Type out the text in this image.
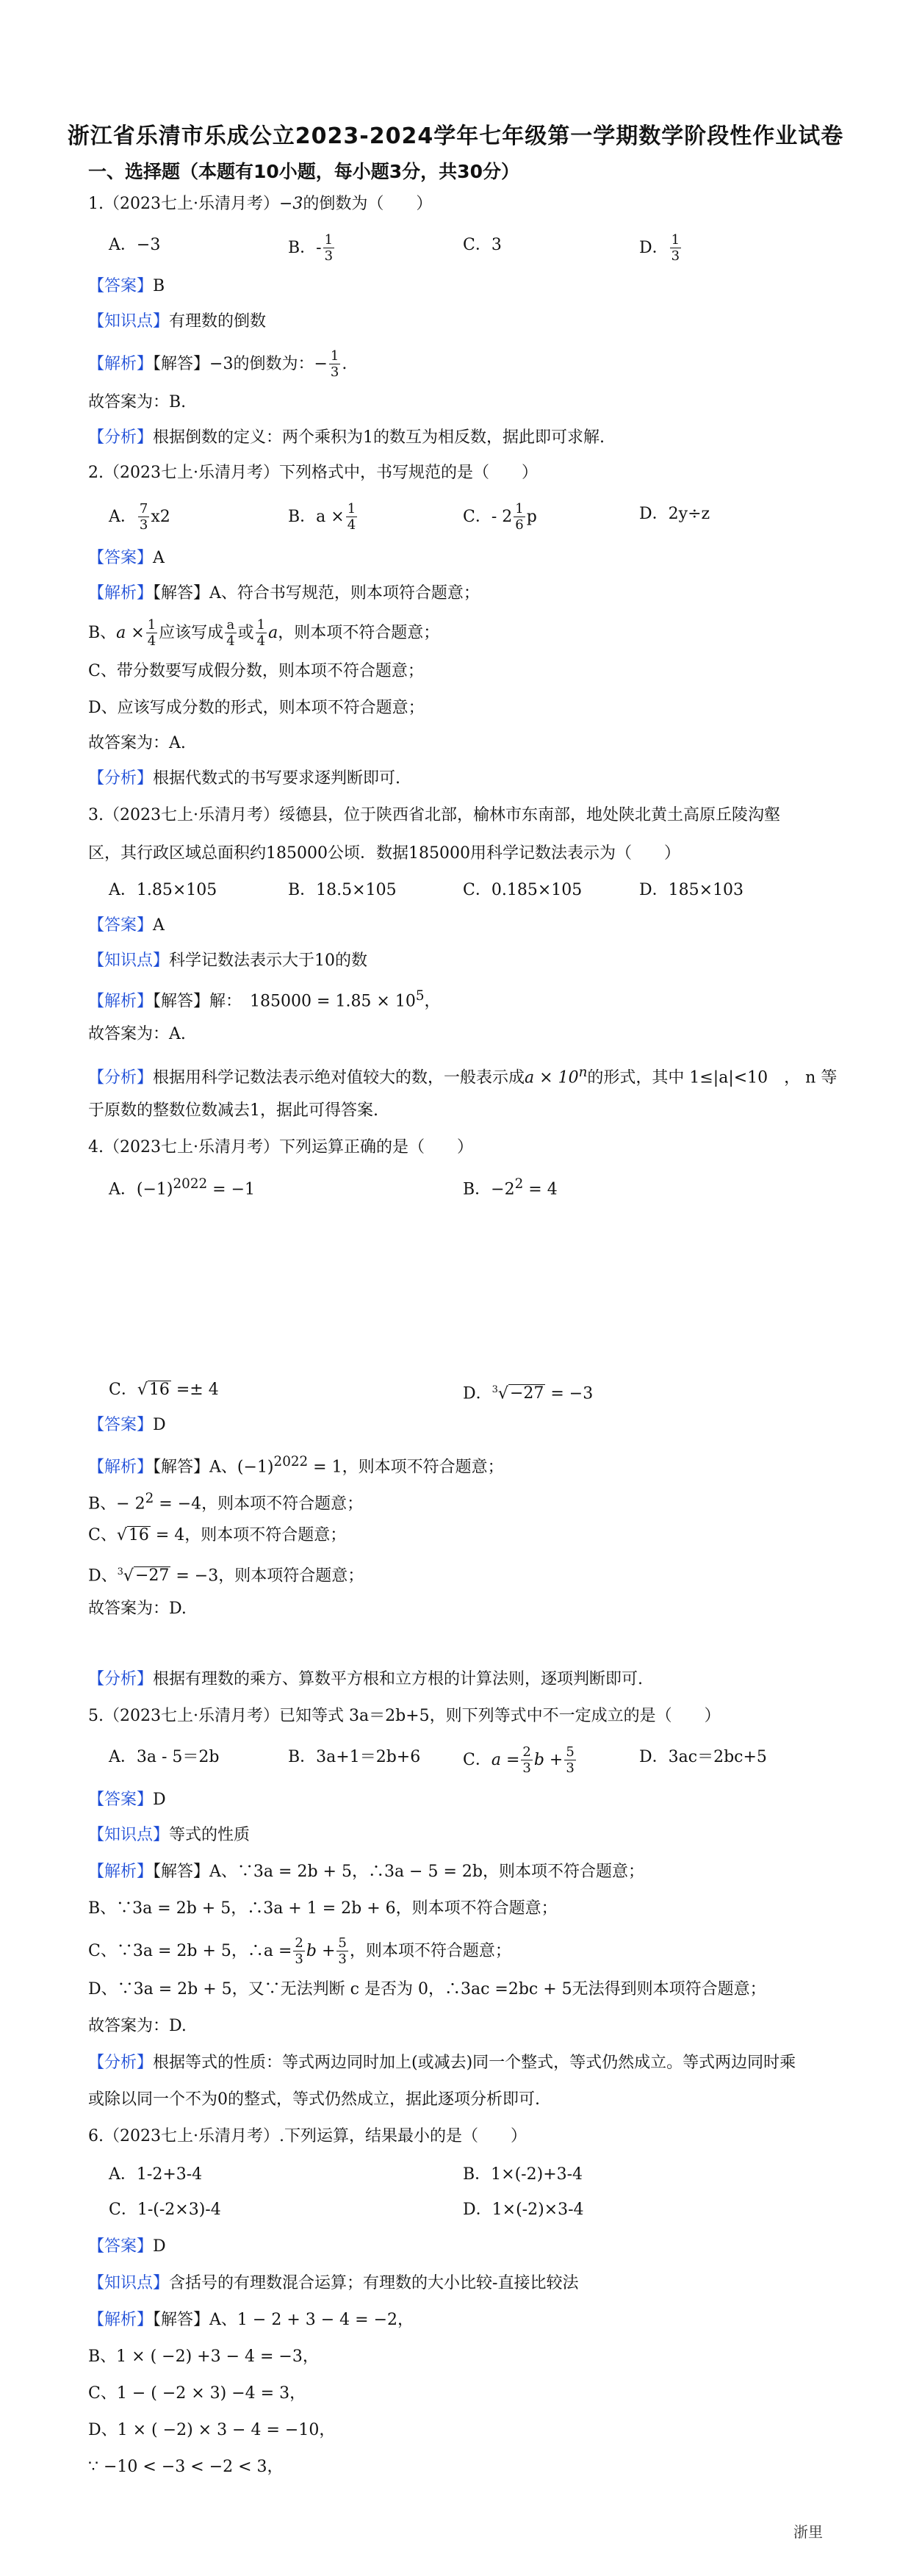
浙江省乐清市乐成公立2023-2024学年七年级第一学期数学阶段性作业试卷
一、选择题（本题有10小题，每小题3分，共30分）
1.（2023七上·乐清月考）−3的倒数为（　　）
A．−3	B．- $\frac{1}{3}$	C．3	D． $\frac{1}{3}$
【答案】B
【知识点】有理数的倒数
【解析】【解答】−3的倒数为：− $\frac{1}{3}$ .
故答案为：B.
【分析】根据倒数的定义：两个乘积为1的数互为相反数，据此即可求解.
2.（2023七上·乐清月考）下列格式中，书写规范的是（　　）
A． $\frac{7}{3} x2$	B．$a \times \frac{1}{4}$	C．- $2 \frac{1}{6}$ p	D．2y÷z
【答案】A
【解析】【解答】A、符合书写规范，则本项符合题意；
B、$a \times \frac{1}{4}$ 应该写成 $\frac{a}{4}$ 或 $\frac{1}{4}$ a，则本项不符合题意；
C、带分数要写成假分数，则本项不符合题意；
D、应该写成分数的形式，则本项不符合题意；
故答案为：A.
【分析】根据代数式的书写要求逐判断即可.
3.（2023七上·乐清月考）绥德县，位于陕西省北部，榆林市东南部，地处陕北黄土高原丘陵沟壑
区，其行政区域总面积约185000公顷．数据185000用科学记数法表示为（　　）
A．1.85×105	B．18.5×105	C．0.185×105	D．185×103
【答案】A
【知识点】科学记数法表示大于10的数
【解析】【解答】解：　$185000 = 1.85 \times 10^5$，
故答案为：A.
【分析】根据用科学记数法表示绝对值较大的数，一般表示成$a \times 10^n$的形式，其中 1≤|a|<10　， n 等
于原数的整数位数减去1，据此可得答案.
4.（2023七上·乐清月考）下列运算正确的是（　　）
A．$(-1)^{2022} = -1$	B．$-2^2 = 4$
C．√16 =± 4	D．$^3$√−27 = −3
【答案】D
【解析】【解答】A、$(-1)^{2022} = 1$，则本项不符合题意；
B、− $2^2 = -4$，则本项不符合题意；
C、√16 = 4，则本项不符合题意；
D、$^3$√−27 = −3，则本项符合题意；
故答案为：D.
【分析】根据有理数的乘方、算数平方根和立方根的计算法则，逐项判断即可.
5.（2023七上·乐清月考）已知等式 3a＝2b+5，则下列等式中不一定成立的是（　　）
A．3a - 5＝2b	B．3a+1＝2b+6	C．$a = \frac{2}{3}$ $b + \frac{5}{3}$	D．3ac＝2bc+5
【答案】D
【知识点】等式的性质
【解析】【解答】A、∵3a = 2b + 5，∴3a − 5 = 2b，则本项不符合题意；
B、∵3a = 2b + 5，∴3a + 1 = 2b + 6，则本项不符合题意；
C、∵3a = 2b + 5，∴a = $\frac{2}{3}$ $b + \frac{5}{3}$ ，则本项不符合题意；
D、∵3a = 2b + 5，又∵无法判断 c 是否为 0，∴3ac =2bc + 5无法得到则本项符合题意；
故答案为：D.
【分析】根据等式的性质：等式两边同时加上(或减去)同一个整式，等式仍然成立。等式两边同时乘
或除以同一个不为0的整式，等式仍然成立，据此逐项分析即可.
6.（2023七上·乐清月考）.下列运算，结果最小的是（　　）
A．1-2+3-4	B．1×(-2)+3-4
C．1-(-2×3)-4	D．1×(-2)×3-4
【答案】D
【知识点】含括号的有理数混合运算；有理数的大小比较-直接比较法
【解析】【解答】A、1 − 2 + 3 − 4 = −2，
B、1 × ( −2) +3 − 4 = −3，
C、1 − ( −2 × 3) −4 = 3，
D、1 × ( −2) × 3 − 4 = −10，
∵ −10 < −3 < −2 < 3，
浙里
